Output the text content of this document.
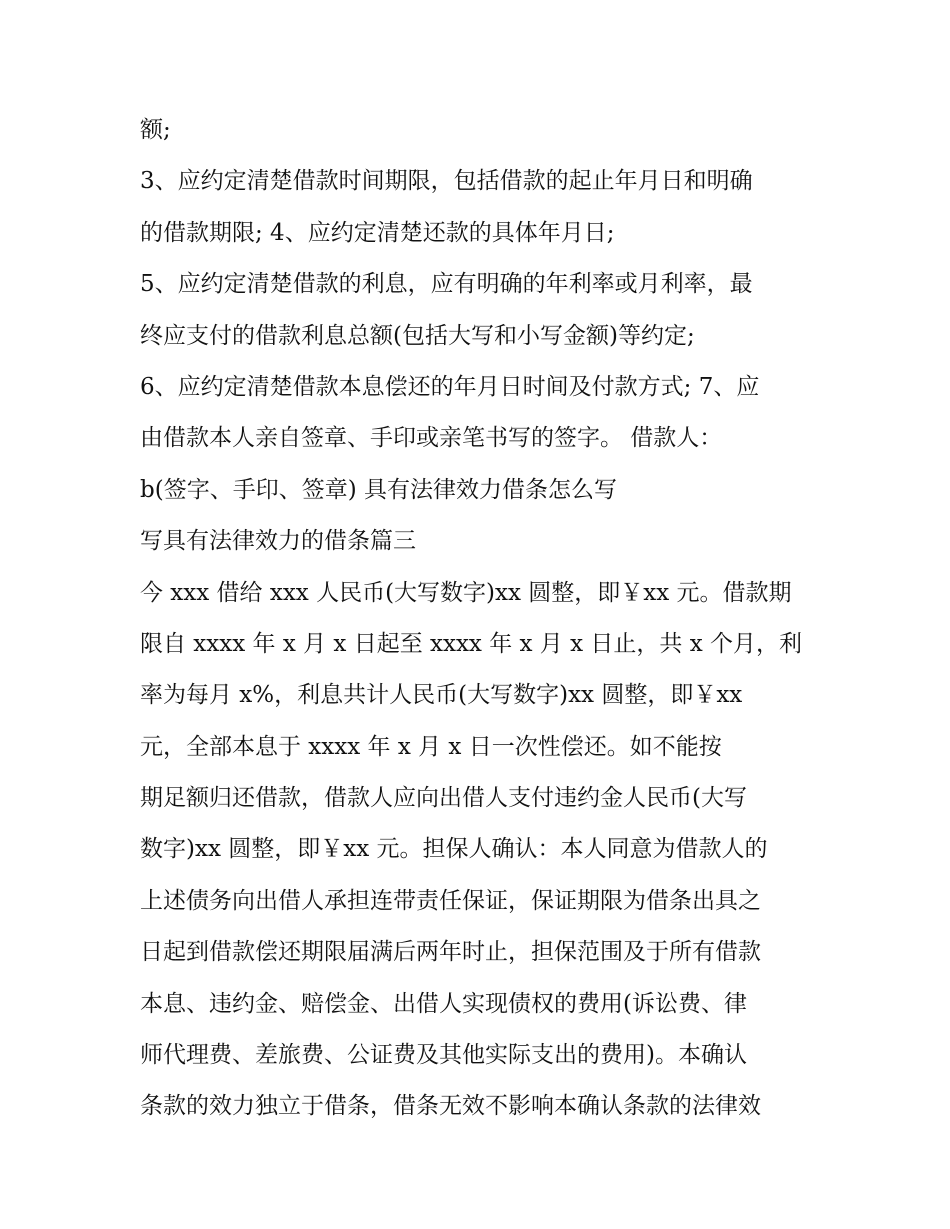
额;
3、应约定清楚借款时间期限，包括借款的起止年月日和明确
的借款期限; 4、应约定清楚还款的具体年月日;
5、应约定清楚借款的利息，应有明确的年利率或月利率，最
终应支付的借款利息总额(包括大写和小写金额)等约定;
6、应约定清楚借款本息偿还的年月日时间及付款方式; 7、应
由借款本人亲自签章、手印或亲笔书写的签字。 借款人：
b(签字、手印、签章) 具有法律效力借条怎么写
写具有法律效力的借条篇三
今 xxx 借给 xxx 人民币(大写数字)xx 圆整，即￥xx 元。借款期
限自 xxxx 年 x 月 x 日起至 xxxx 年 x 月 x 日止，共 x 个月，利
率为每月 x%，利息共计人民币(大写数字)xx 圆整，即￥xx
元，全部本息于 xxxx 年 x 月 x 日一次性偿还。如不能按
期足额归还借款，借款人应向出借人支付违约金人民币(大写
数字)xx 圆整，即￥xx 元。担保人确认：本人同意为借款人的
上述债务向出借人承担连带责任保证，保证期限为借条出具之
日起到借款偿还期限届满后两年时止，担保范围及于所有借款
本息、违约金、赔偿金、出借人实现债权的费用(诉讼费、律
师代理费、差旅费、公证费及其他实际支出的费用)。本确认
条款的效力独立于借条，借条无效不影响本确认条款的法律效
